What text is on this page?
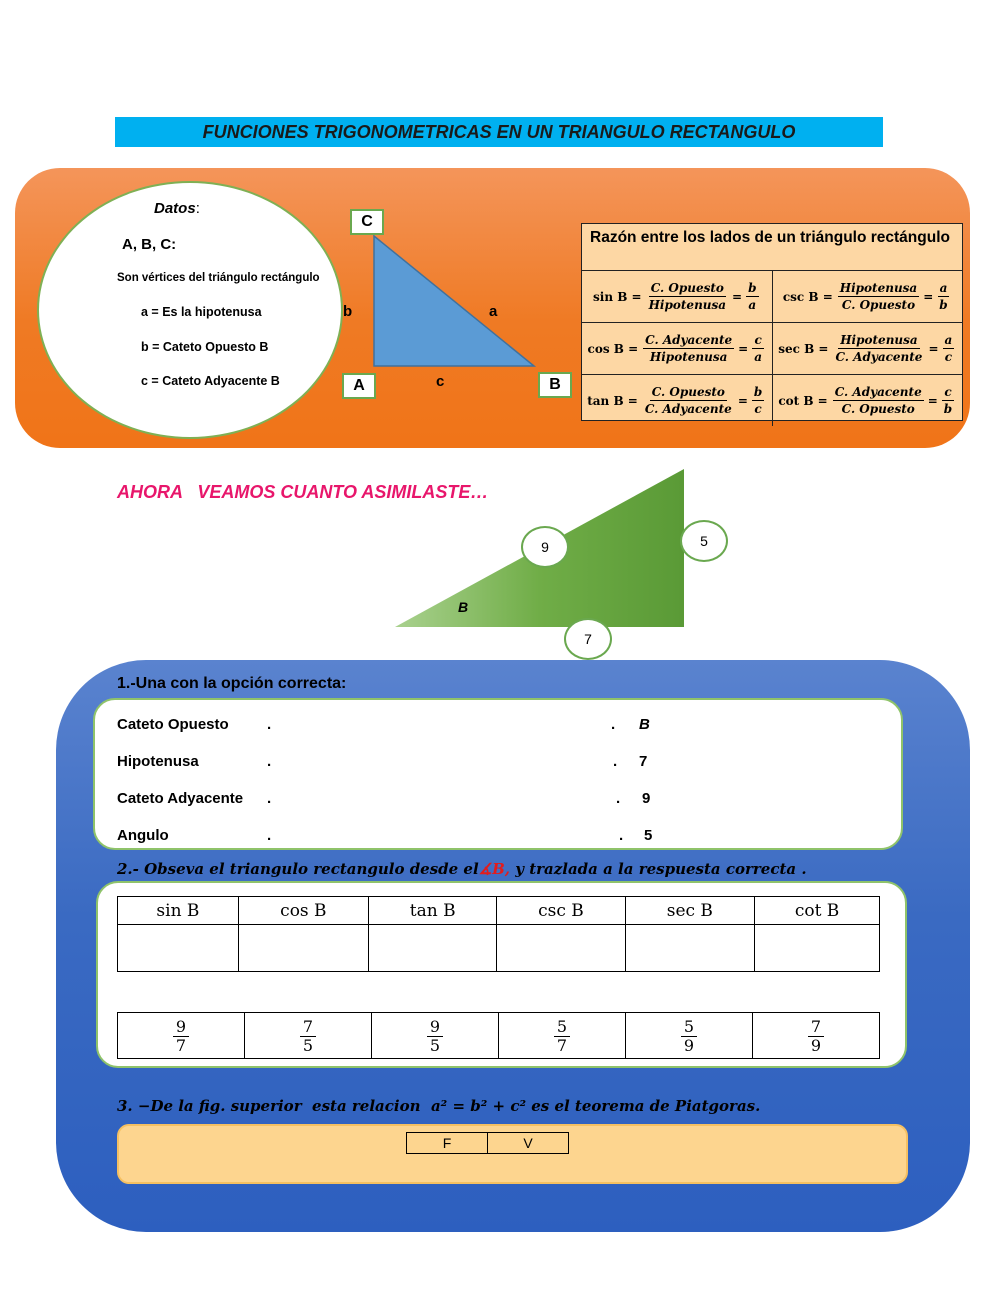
FUNCIONES TRIGONOMETRICAS EN UN TRIANGULO RECTANGULO
Datos:
A, B, C:
Son vértices del triángulo rectángulo
a = Es la hipotenusa
b = Cateto Opuesto B
c = Cateto Adyacente B
C
A	B
b	a
c
Razón entre los lados de un triángulo rectángulo
$\sin B = \frac{\text{C. Opuesto}}{\text{Hipotenusa}} = \frac{b}{a}$ $\csc B = \frac{\text{Hipotenusa}}{\text{C. Opuesto}} = \frac{a}{b}$
$\cos B = \frac{\text{C. Adyacente}}{\text{Hipotenusa}} = \frac{c}{a}$ $\sec B = \frac{\text{Hipotenusa}}{\text{C. Adyacente}} = \frac{a}{c}$
$\tan B = \frac{\text{C. Opuesto}}{\text{C. Adyacente}} = \frac{b}{c}$ $\cot B = \frac{\text{C. Adyacente}}{\text{C. Opuesto}} = \frac{c}{b}$
AHORA   VEAMOS CUANTO ASIMILASTE…
B
9	5
7
1.-Una con la opción correcta:
Cateto Opuesto	.	. B
Hipotenusa	.	. 7
Cateto Adyacente .	. 9
Angulo	.	. 5
2.- Obseva el triangulo rectangulo desde el∡B, y trazlada a la respuesta correcta .
sin B	cos B	tan B	csc B	sec B	cot B

$\frac{9}{7}$	$\frac{7}{5}$	$\frac{9}{5}$	$\frac{5}{7}$	$\frac{5}{9}$	$\frac{7}{9}$
3. −De la fig. superior  esta relacion  a² = b² + c² es el teorema de Piatgoras.
F	V
